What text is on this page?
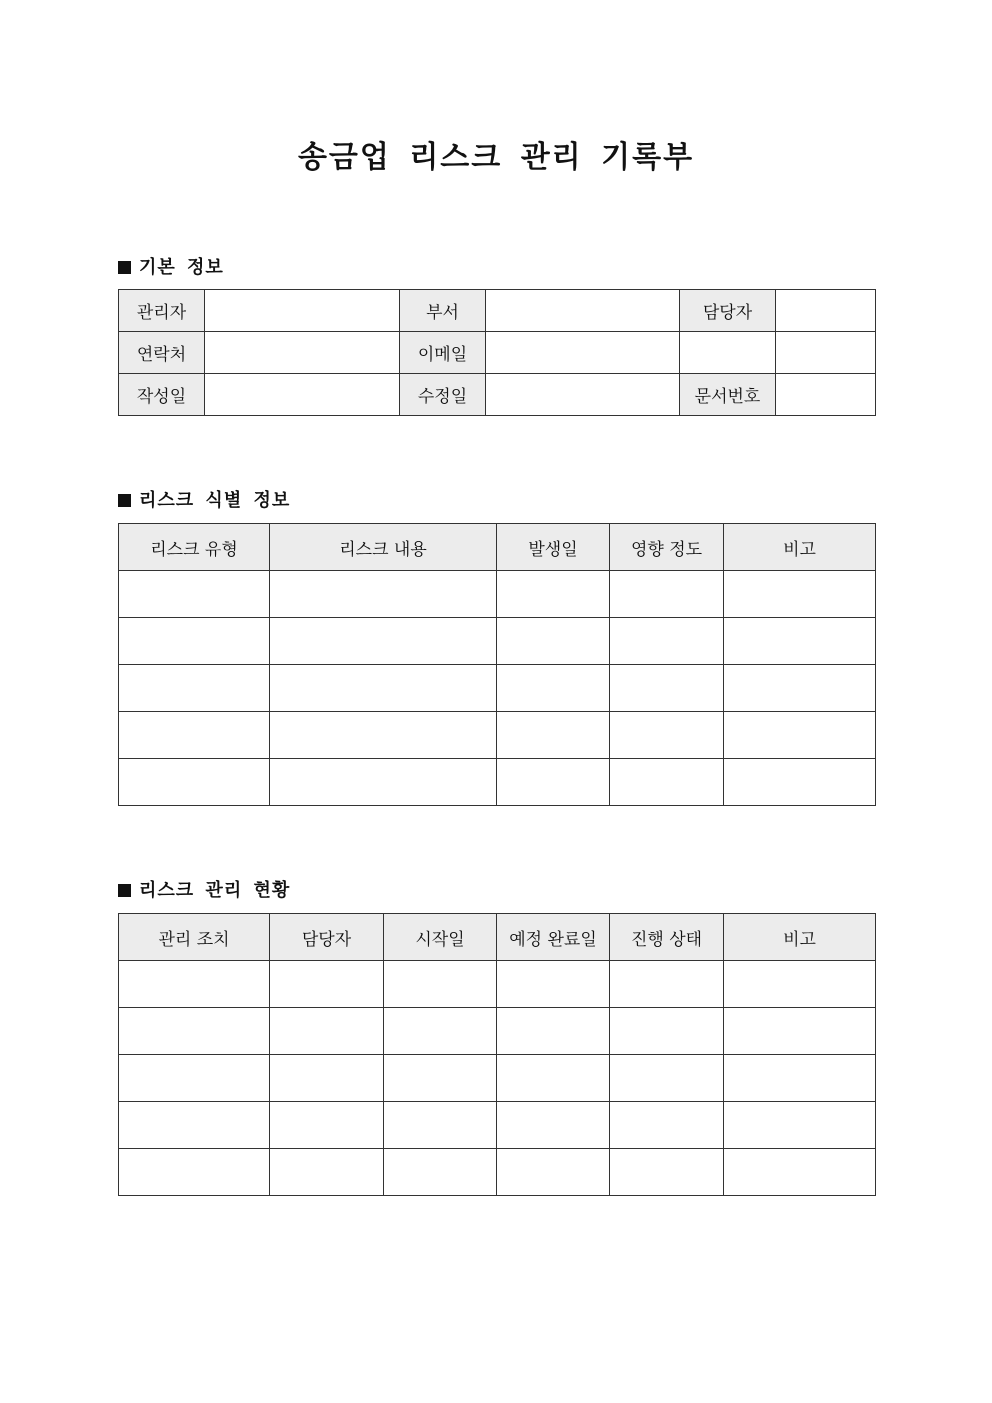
송금업 리스크 관리 기록부
기본 정보
관리자		부서		담당자	
연락처		이메일			
작성일		수정일		문서번호	
리스크 식별 정보
리스크 유형	리스크 내용	발생일	영향 정도	비고

리스크 관리 현황
관리 조치	담당자	시작일	예정 완료일	진행 상태	비고
